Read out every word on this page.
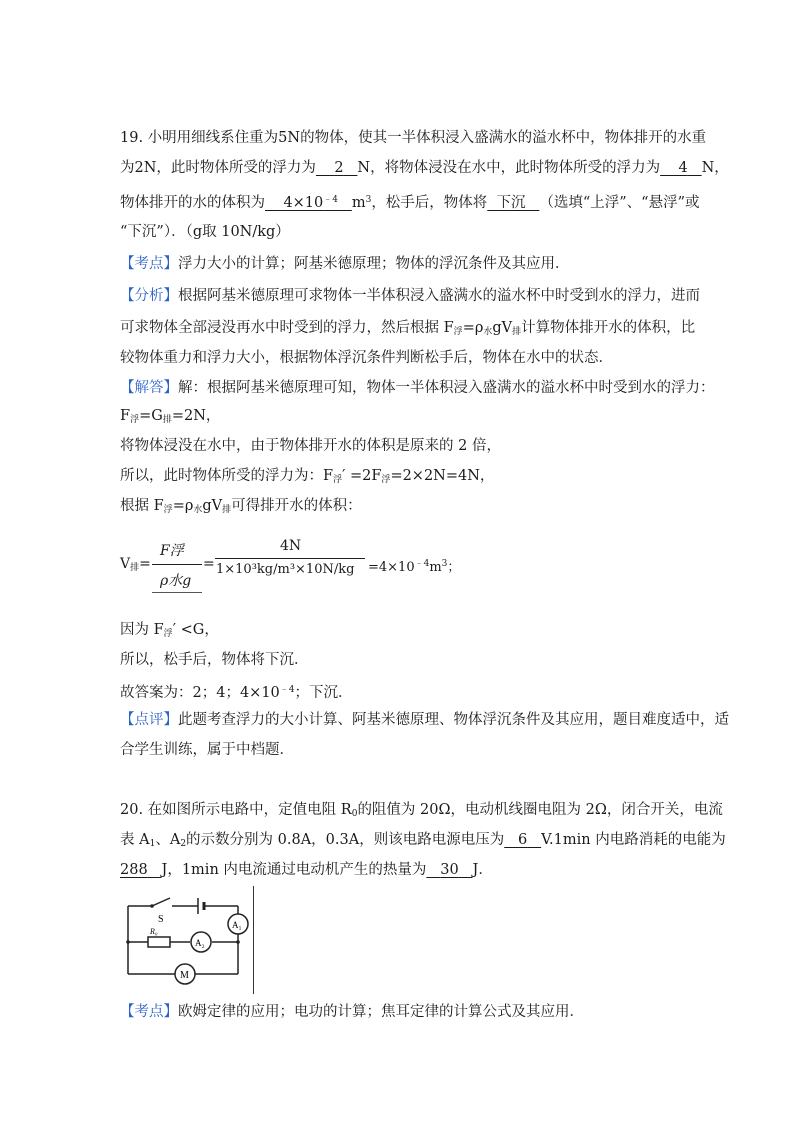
19. 小明用细线系住重为5N的物体，使其一半体积浸入盛满水的溢水杯中，物体排开的水重
为2N，此时物体所受的浮力为 2 N，将物体浸没在水中，此时物体所受的浮力为 4 N，
物体排开的水的体积为 $4\times 10^{﹣4}$ $m^3$，松手后，物体将 下沉 （选填“上浮”、“悬浮”或
“下沉”）．（g取 10N/kg）
【考点】浮力大小的计算；阿基米德原理；物体的浮沉条件及其应用．
【分析】根据阿基米德原理可求物体一半体积浸入盛满水的溢水杯中时受到水的浮力，进而
可求物体全部浸没再水中时受到的浮力，然后根据 $F_浮=\rho_水gV_排$计算物体排开水的体积，比
较物体重力和浮力大小，根据物体浮沉条件判断松手后，物体在水中的状态．
【解答】解：根据阿基米德原理可知，物体一半体积浸入盛满水的溢水杯中时受到水的浮力：
$F_浮=G_排=2N$，
将物体浸没在水中，由于物体排开水的体积是原来的 2 倍，
所以，此时物体所受的浮力为：$F_浮' =2F_浮=2\times 2N=4N$，
根据 $F_浮=\rho_水gV_排$可得排开水的体积：
$V_排=$
F浮
ρ水g
=
4N
$1\times 10^3kg/m^3\times 10N/kg =4\times 10^{﹣4}m^3$；
因为 $F_浮' <G$，
所以，松手后，物体将下沉．
故答案为：2；4；$4\times 10^{﹣4}$；下沉．
【点评】此题考查浮力的大小计算、阿基米德原理、物体浮沉条件及其应用，题目难度适中，适
合学生训练，属于中档题．
20. 在如图所示电路中，定值电阻 $R_0$的阻值为 20Ω，电动机线圈电阻为 2Ω，闭合开关，电流
表 $A_1$、$A_2$的示数分别为 0.8A，0.3A，则该电路电源电压为 6 V.1min 内电路消耗的电能为
288 J，1min 内电流通过电动机产生的热量为 30 J．
S
R₀
A₂
A₁
M
【考点】欧姆定律的应用；电功的计算；焦耳定律的计算公式及其应用．
